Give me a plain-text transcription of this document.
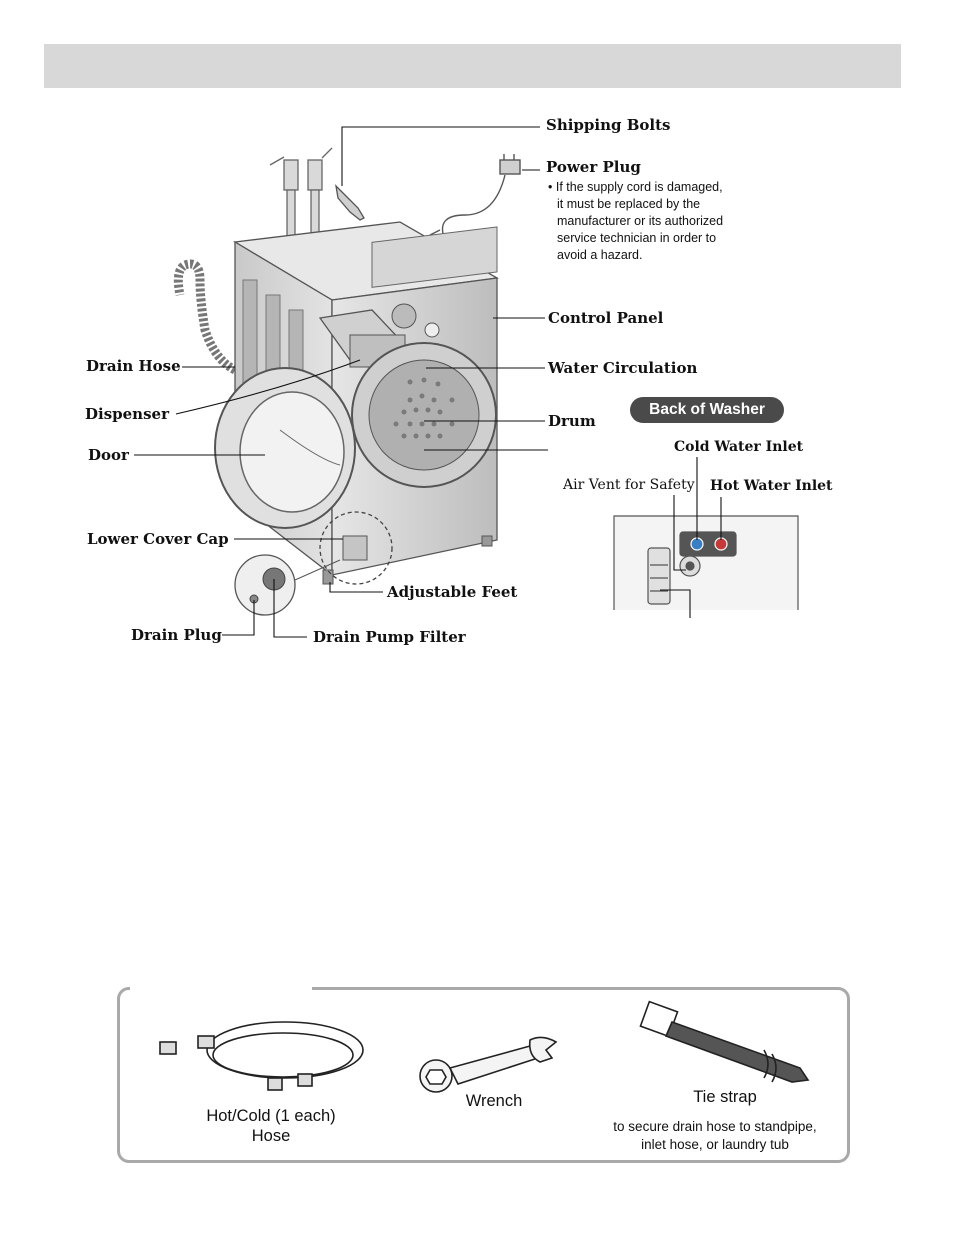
Shipping Bolts
Power Plug
• If the supply cord is damaged,
it must be replaced by the
manufacturer or its authorized
service technician in order to
avoid a hazard.
Control Panel
Water Circulation
Drum
Drain Hose
Dispenser
Door
Lower Cover Cap
Adjustable Feet
Drain Plug	Drain Pump Filter
Back of Washer
Cold Water Inlet
Air Vent for Safety Hot Water Inlet
Hot/Cold (1 each)
Hose
Wrench	Tie strap
to secure drain hose to standpipe,
inlet hose, or laundry tub
